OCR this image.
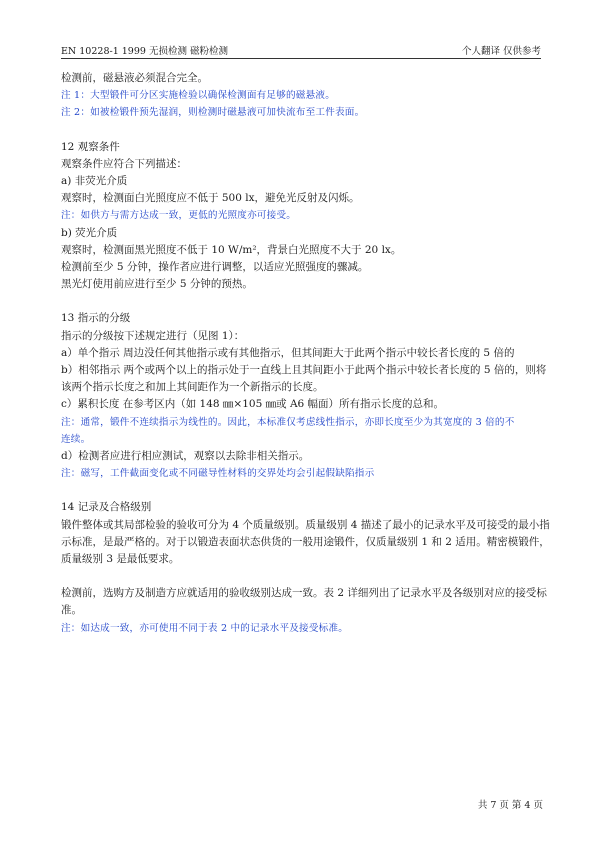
EN 10228-1 1999 无损检测 磁粉检测	个人翻译 仅供参考

检测前，磁悬液必须混合完全。

注 1：大型锻件可分区实施检验以确保检测面有足够的磁悬液。

注 2：如被检锻件预先湿润，则检测时磁悬液可加快流布至工件表面。

12 观察条件

观察条件应符合下列描述：

a) 非荧光介质

观察时，检测面白光照度应不低于 500 lx，避免光反射及闪烁。

注：如供方与需方达成一致，更低的光照度亦可接受。

b) 荧光介质

观察时，检测面黑光照度不低于 10 W/m²，背景白光照度不大于 20 lx。

检测前至少 5 分钟，操作者应进行调整，以适应光照强度的骤减。

黑光灯使用前应进行至少 5 分钟的预热。

13 指示的分级

指示的分级按下述规定进行（见图 1）：

a）单个指示 周边没任何其他指示或有其他指示，但其间距大于此两个指示中较长者长度的 5 倍的

b）相邻指示 两个或两个以上的指示处于一直线上且其间距小于此两个指示中较长者长度的 5 倍的，则将

该两个指示长度之和加上其间距作为一个新指示的长度。

c）累积长度 在参考区内（如 148 ㎜×105 ㎜或 A6 幅面）所有指示长度的总和。

注：通常，锻件不连续指示为线性的。因此，本标准仅考虑线性指示，亦即长度至少为其宽度的 3 倍的不

连续。

d）检测者应进行相应测试，观察以去除非相关指示。

注：磁写，工件截面变化或不同磁导性材料的交界处均会引起假缺陷指示

14 记录及合格级别

锻件整体或其局部检验的验收可分为 4 个质量级别。质量级别 4 描述了最小的记录水平及可接受的最小指

示标准，是最严格的。对于以锻造表面状态供货的一般用途锻件，仅质量级别 1 和 2 适用。精密模锻件，

质量级别 3 是最低要求。

检测前，选购方及制造方应就适用的验收级别达成一致。表 2 详细列出了记录水平及各级别对应的接受标

准。

注：如达成一致，亦可使用不同于表 2 中的记录水平及接受标准。

共 7 页 第 4 页
